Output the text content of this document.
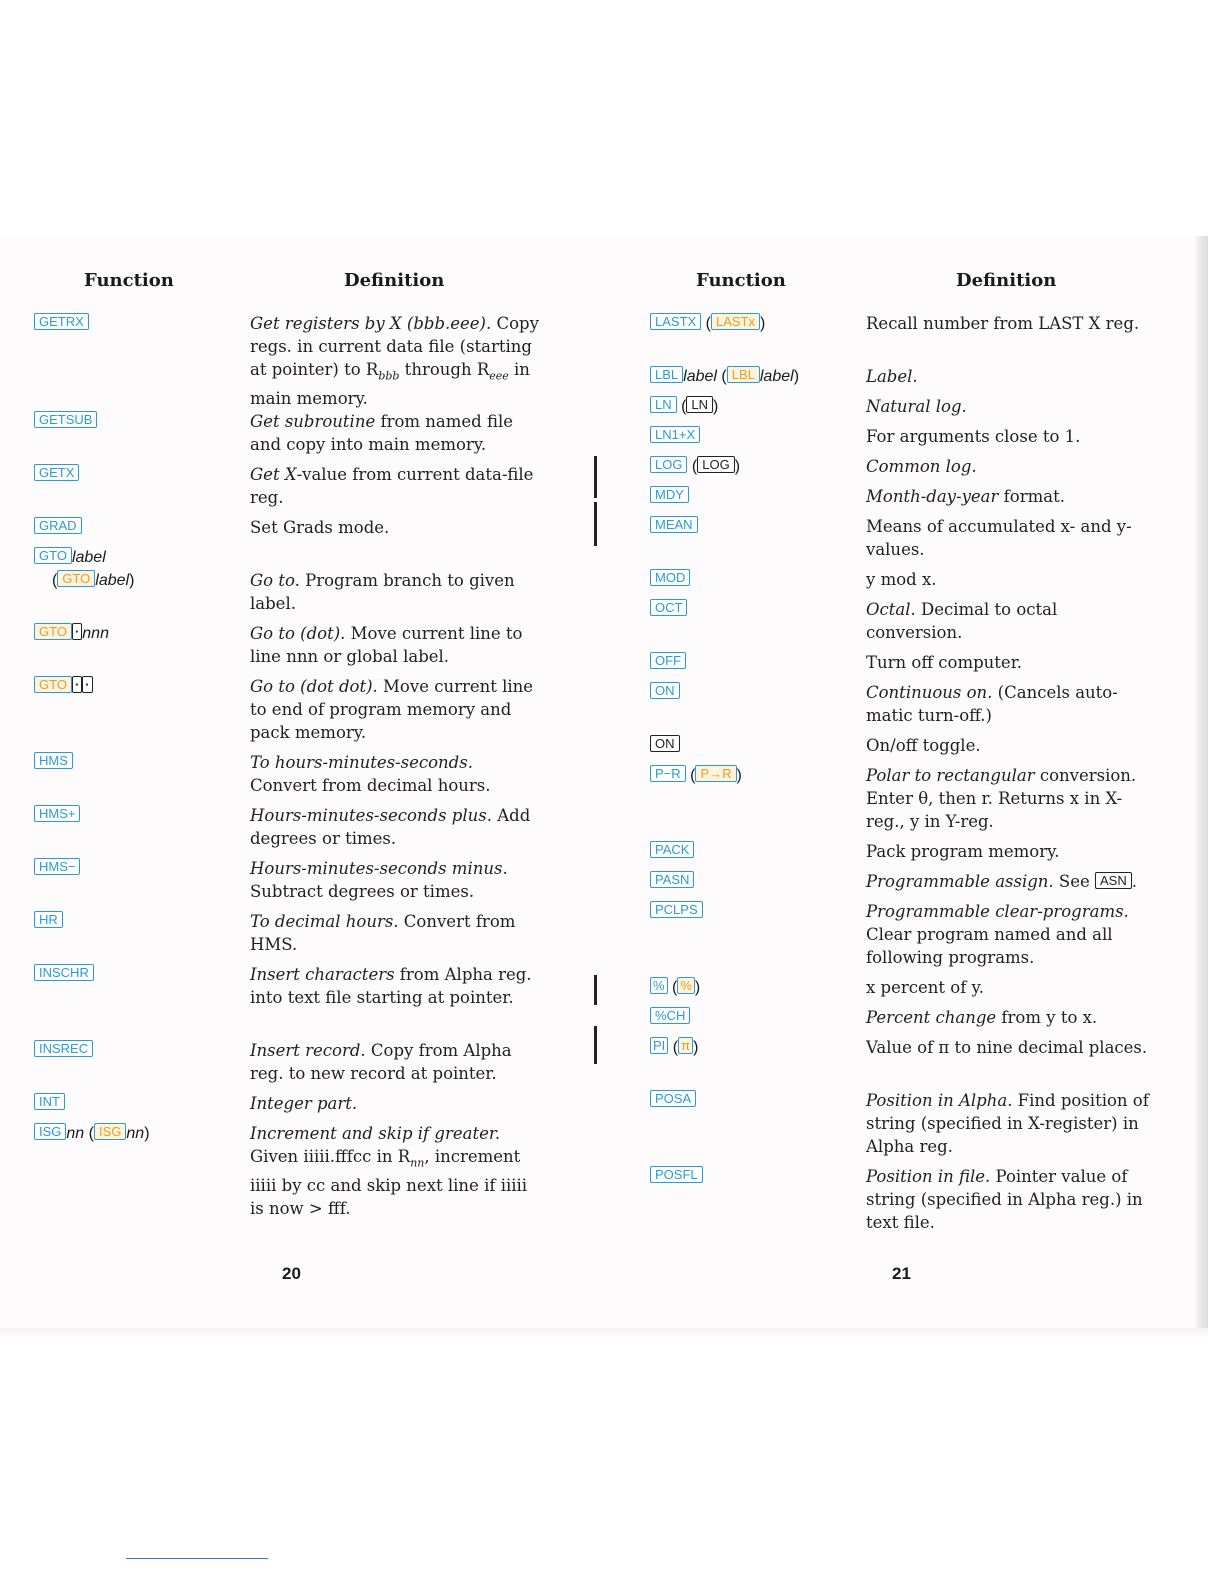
Function	Definition
GETRX	Get registers by X (bbb.eee). Copy regs. in current data file (starting at pointer) to $R_{bbb}$ through $R_{eee}$ in main memory.
GETSUB	Get subroutine from named file and copy into main memory.
GETX	Get X-value from current data-file reg.
GRAD	Set Grads mode.
GTO label
( GTO label)	Go to. Program branch to given label.
GTO · nnn	Go to (dot). Move current line to line nnn or global label.
GTO · ·	Go to (dot dot). Move current line to end of program memory and pack memory.
HMS	To hours-minutes-seconds. Convert from decimal hours.
HMS+	Hours-minutes-seconds plus. Add degrees or times.
HMS−	Hours-minutes-seconds minus. Subtract degrees or times.
HR	To decimal hours. Convert from HMS.
INSCHR	Insert characters from Alpha reg. into text file starting at pointer.
INSREC	Insert record. Copy from Alpha reg. to new record at pointer.
INT	Integer part.
ISG nn ( ISG nn)	Increment and skip if greater. Given iiiii.fffcc in $R_{nn}$, increment iiiii by cc and skip next line if iiiii is now > fff.
20
Function	Definition
LASTX ( LASTx )	Recall number from LAST X reg.
LBL label ( LBL label)	Label.
LN ( LN )	Natural log.
LN1+X	For arguments close to 1.
LOG ( LOG )	Common log.
MDY	Month-day-year format.
MEAN	Means of accumulated x- and y-values.
MOD	y mod x.
OCT	Octal. Decimal to octal conversion.
OFF	Turn off computer.
ON	Continuous on. (Cancels auto-matic turn-off.)
ON	On/off toggle.
P−R ( P→R )	Polar to rectangular conversion. Enter θ, then r. Returns x in X-reg., y in Y-reg.
PACK	Pack program memory.
PASN	Programmable assign. See ASN .
PCLPS	Programmable clear-programs. Clear program named and all following programs.
% ( % )	x percent of y.
%CH	Percent change from y to x.
PI ( π )	Value of π to nine decimal places.
POSA	Position in Alpha. Find position of string (specified in X-register) in Alpha reg.
POSFL	Position in file. Pointer value of string (specified in Alpha reg.) in text file.
21
